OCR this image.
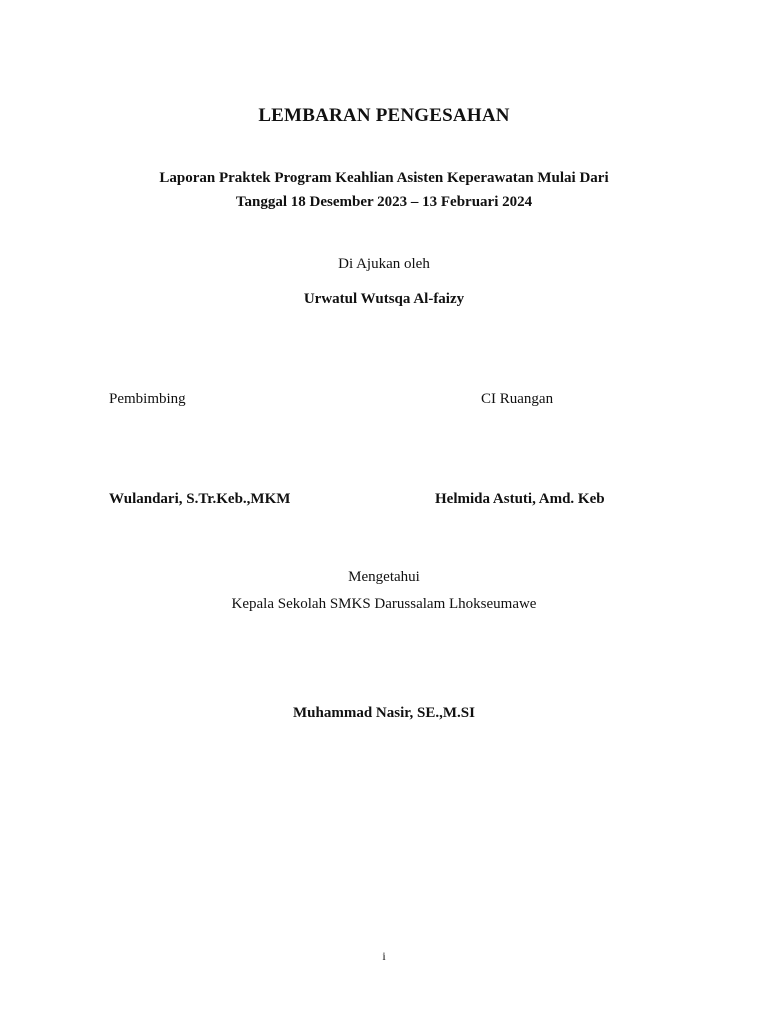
LEMBARAN PENGESAHAN
Laporan Praktek Program Keahlian Asisten Keperawatan Mulai Dari
Tanggal 18 Desember 2023 – 13 Februari 2024
Di Ajukan oleh
Urwatul Wutsqa Al-faizy
Pembimbing	CI Ruangan
Wulandari, S.Tr.Keb.,MKM	Helmida Astuti, Amd. Keb
Mengetahui
Kepala Sekolah SMKS Darussalam Lhokseumawe
Muhammad Nasir, SE.,M.SI
i
